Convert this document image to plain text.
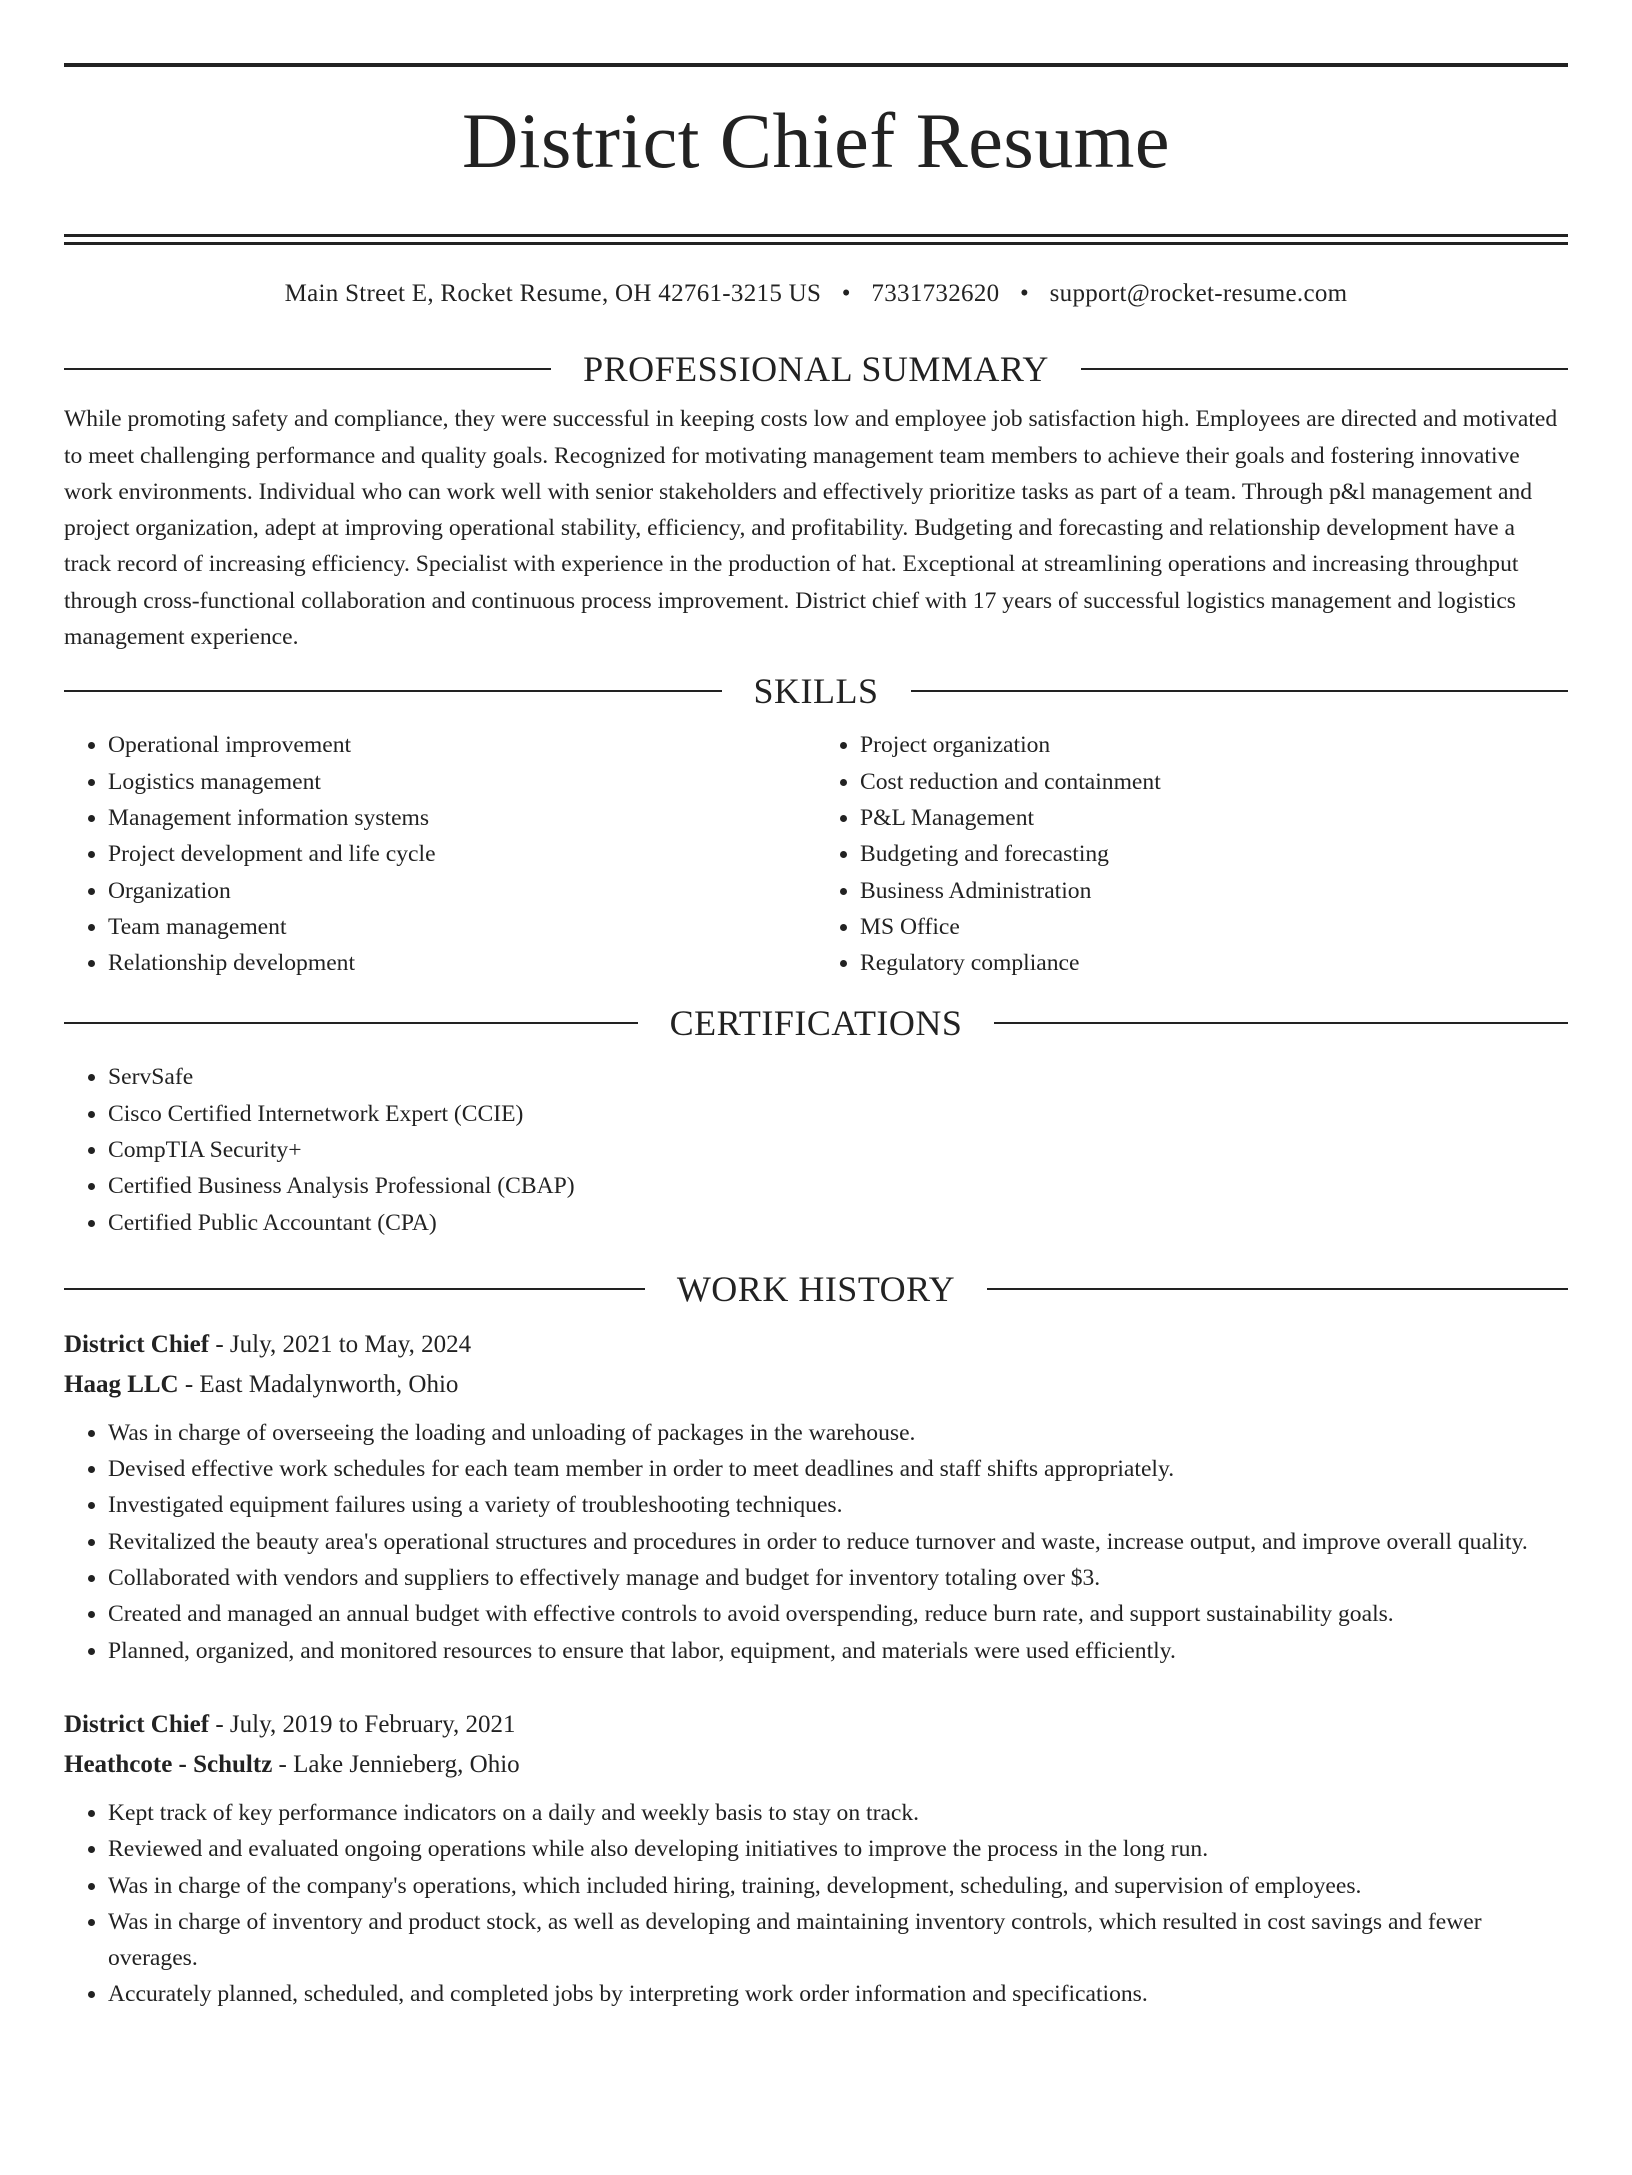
District Chief Resume
Main Street E, Rocket Resume, OH 42761-3215 US • 7331732620 • support@rocket-resume.com
PROFESSIONAL SUMMARY

While promoting safety and compliance, they were successful in keeping costs low and employee job satisfaction high. Employees are directed and motivated to meet challenging performance and quality goals. Recognized for motivating management team members to achieve their goals and fostering innovative work environments. Individual who can work well with senior stakeholders and effectively prioritize tasks as part of a team. Through p&l management and project organization, adept at improving operational stability, efficiency, and profitability. Budgeting and forecasting and relationship development have a track record of increasing efficiency. Specialist with experience in the production of hat. Exceptional at streamlining operations and increasing throughput through cross-functional collaboration and continuous process improvement. District chief with 17 years of successful logistics management and logistics management experience.

SKILLS
• Operational improvement
• Logistics management
• Management information systems
• Project development and life cycle
• Organization
• Team management
• Relationship development
• Project organization
• Cost reduction and containment
• P&L Management
• Budgeting and forecasting
• Business Administration
• MS Office
• Regulatory compliance
CERTIFICATIONS
• ServSafe
• Cisco Certified Internetwork Expert (CCIE)
• CompTIA Security+
• Certified Business Analysis Professional (CBAP)
• Certified Public Accountant (CPA)
WORK HISTORY
District Chief - July, 2021 to May, 2024
Haag LLC - East Madalynworth, Ohio
• Was in charge of overseeing the loading and unloading of packages in the warehouse.
• Devised effective work schedules for each team member in order to meet deadlines and staff shifts appropriately.
• Investigated equipment failures using a variety of troubleshooting techniques.
• Revitalized the beauty area's operational structures and procedures in order to reduce turnover and waste, increase output, and improve overall quality.
• Collaborated with vendors and suppliers to effectively manage and budget for inventory totaling over $3.
• Created and managed an annual budget with effective controls to avoid overspending, reduce burn rate, and support sustainability goals.
• Planned, organized, and monitored resources to ensure that labor, equipment, and materials were used efficiently.
District Chief - July, 2019 to February, 2021
Heathcote - Schultz - Lake Jennieberg, Ohio
• Kept track of key performance indicators on a daily and weekly basis to stay on track.
• Reviewed and evaluated ongoing operations while also developing initiatives to improve the process in the long run.
• Was in charge of the company's operations, which included hiring, training, development, scheduling, and supervision of employees.
• Was in charge of inventory and product stock, as well as developing and maintaining inventory controls, which resulted in cost savings and fewer overages.
• Accurately planned, scheduled, and completed jobs by interpreting work order information and specifications.
